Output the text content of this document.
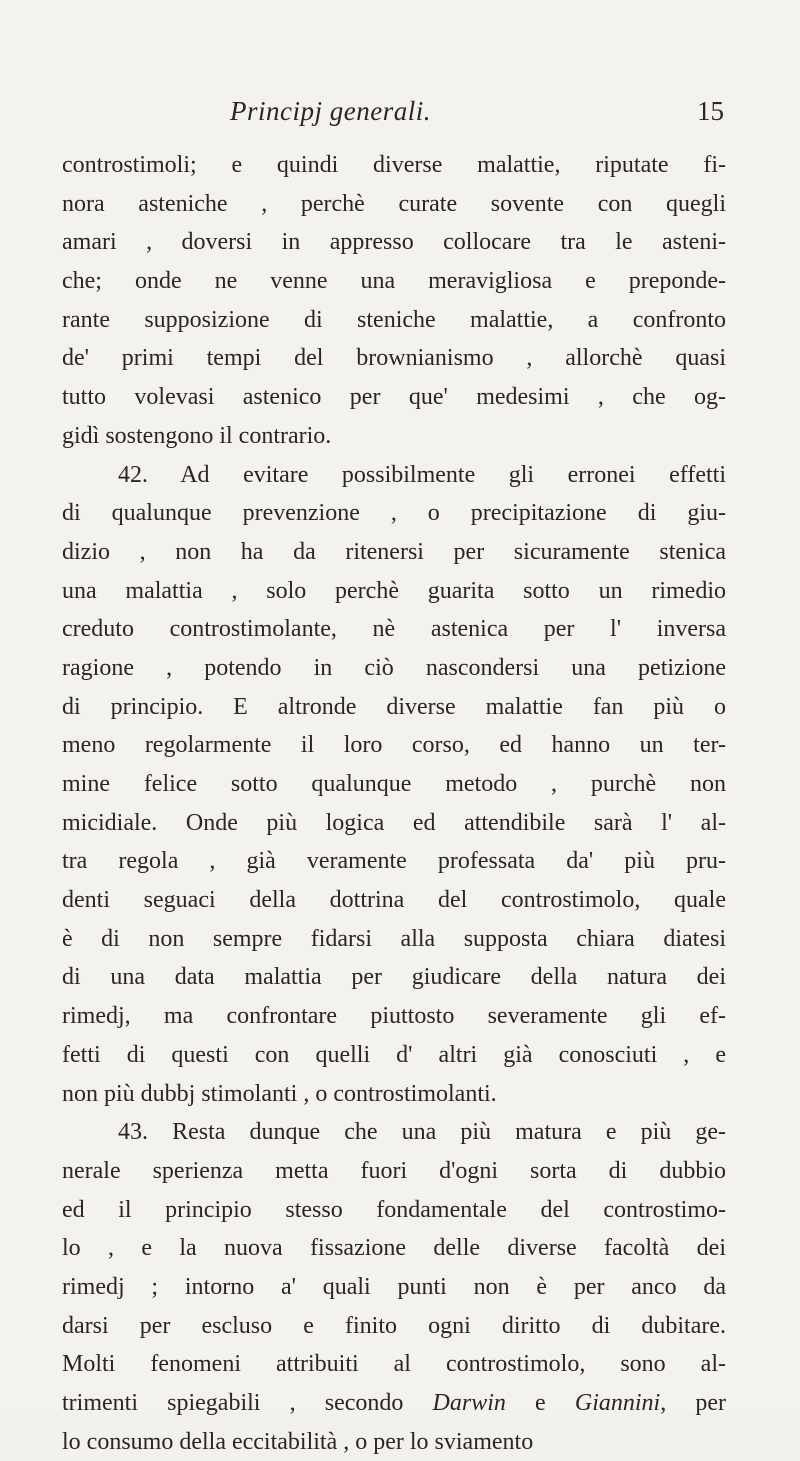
Principj generali.	15
controstimoli; e quindi diverse malattie, riputate fi-
nora asteniche , perchè curate sovente con quegli
amari , doversi in appresso collocare tra le asteni-
che; onde ne venne una meravigliosa e preponde-
rante supposizione di steniche malattie, a confronto
de' primi tempi del brownianismo , allorchè quasi
tutto volevasi astenico per que' medesimi , che og-
gidì sostengono il contrario.
42. Ad evitare possibilmente gli erronei effetti
di qualunque prevenzione , o precipitazione di giu-
dizio , non ha da ritenersi per sicuramente stenica
una malattia , solo perchè guarita sotto un rimedio
creduto controstimolante, nè astenica per l' inversa
ragione , potendo in ciò nascondersi una petizione
di principio. E altronde diverse malattie fan più o
meno regolarmente il loro corso, ed hanno un ter-
mine felice sotto qualunque metodo , purchè non
micidiale. Onde più logica ed attendibile sarà l' al-
tra regola , già veramente professata da' più pru-
denti seguaci della dottrina del controstimolo, quale
è di non sempre fidarsi alla supposta chiara diatesi
di una data malattia per giudicare della natura dei
rimedj, ma confrontare piuttosto severamente gli ef-
fetti di questi con quelli d' altri già conosciuti , e
non più dubbj stimolanti , o controstimolanti.
43. Resta dunque che una più matura e più ge-
nerale sperienza metta fuori d'ogni sorta di dubbio
ed il principio stesso fondamentale del controstimo-
lo , e la nuova fissazione delle diverse facoltà dei
rimedj ; intorno a' quali punti non è per anco da
darsi per escluso e finito ogni diritto di dubitare.
Molti fenomeni attribuiti al controstimolo, sono al-
trimenti spiegabili , secondo Darwin e Giannini, per
lo consumo della eccitabilità , o per lo sviamento
